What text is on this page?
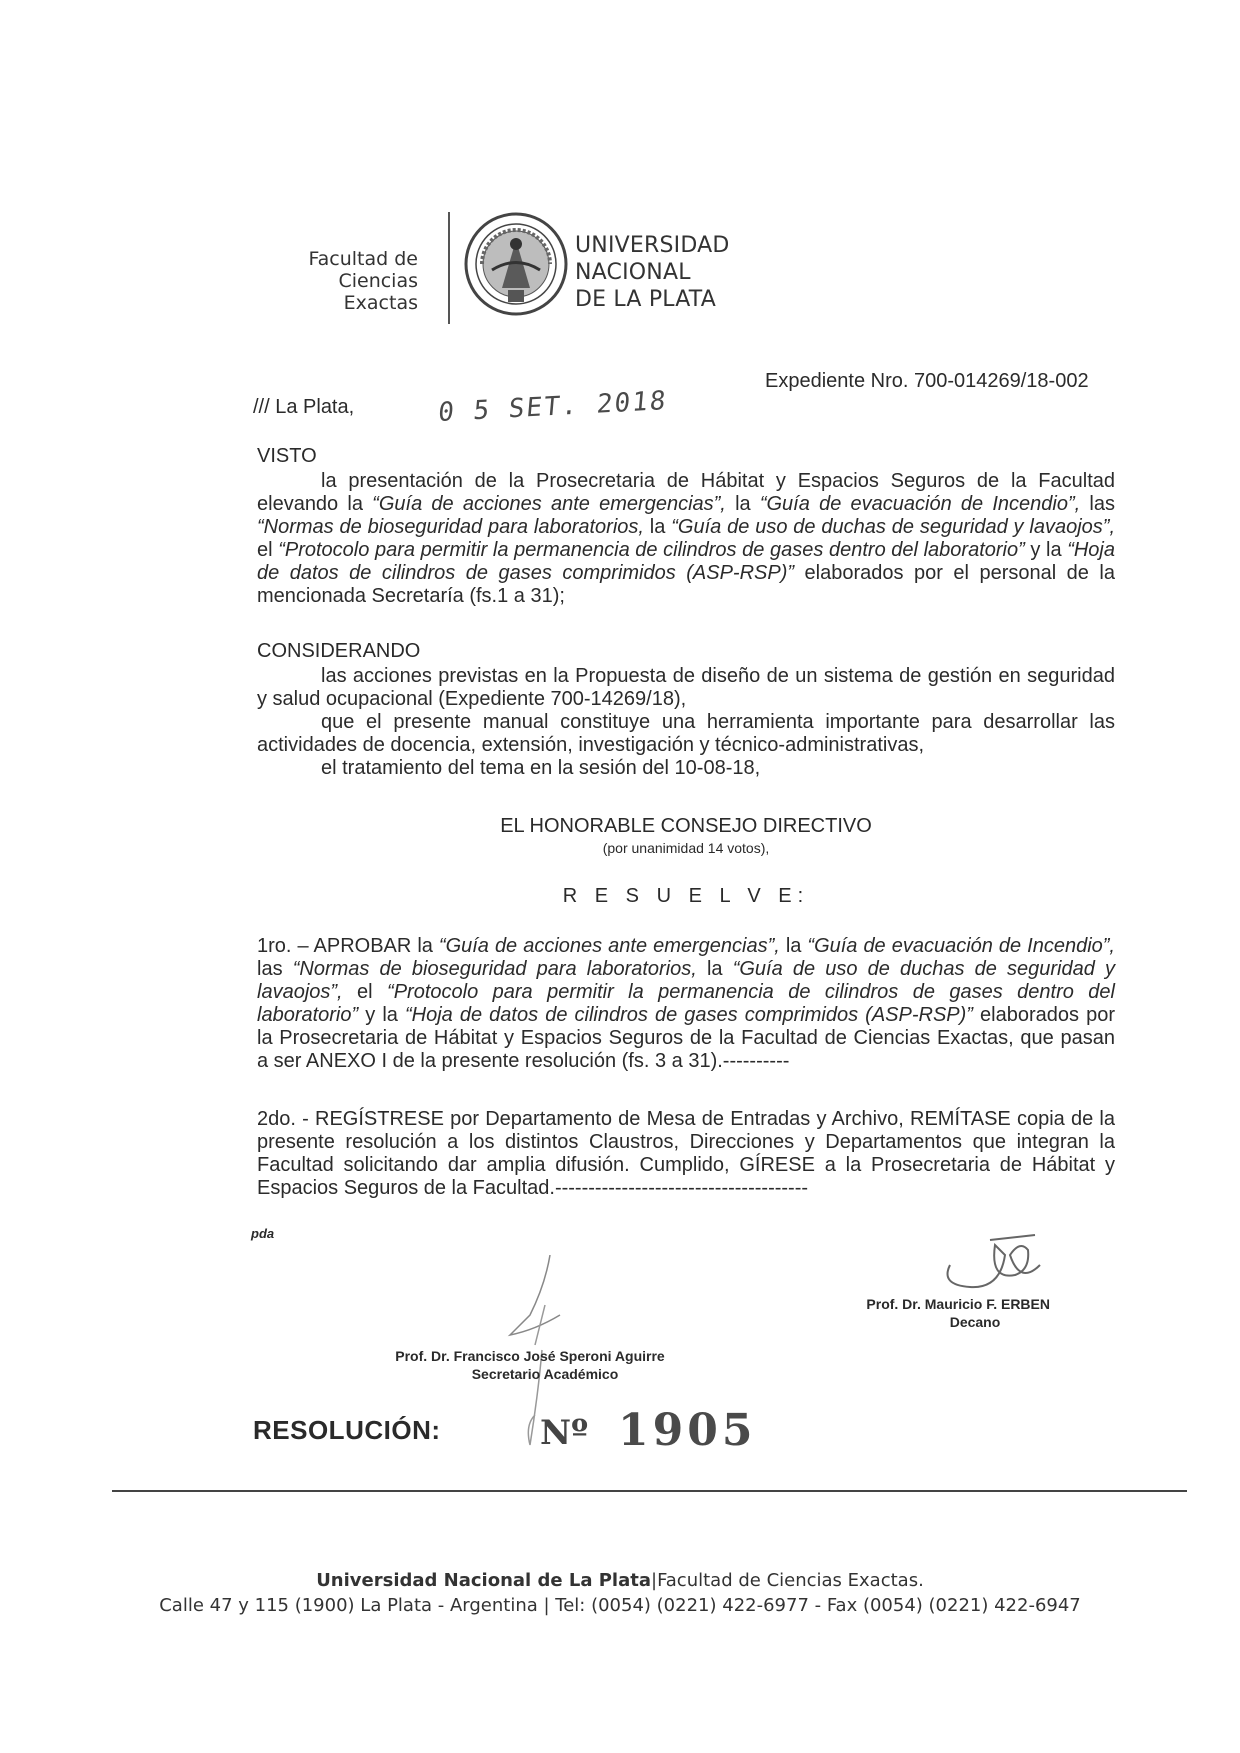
Facultad de
Ciencias Exactas
UNIVERSIDAD
NACIONAL
DE LA PLATA
Expediente Nro. 700-014269/18-002
/// La Plata,	0 5 SET. 2018
VISTO
la presentación de la Prosecretaria de Hábitat y Espacios Seguros de la Facultad elevando la “Guía de acciones ante emergencias”, la “Guía de evacuación de Incendio”, las “Normas de bioseguridad para laboratorios, la “Guía de uso de duchas de seguridad y lavaojos”, el “Protocolo para permitir la permanencia de cilindros de gases dentro del laboratorio” y la “Hoja de datos de cilindros de gases comprimidos (ASP-RSP)” elaborados por el personal de la mencionada Secretaría (fs.1 a 31);
CONSIDERANDO

las acciones previstas en la Propuesta de diseño de un sistema de gestión en seguridad y salud ocupacional (Expediente 700-14269/18),

que el presente manual constituye una herramienta importante para desarrollar las actividades de docencia, extensión, investigación y técnico-administrativas,

el tratamiento del tema en la sesión del 10-08-18,

EL HONORABLE CONSEJO DIRECTIVO
(por unanimidad 14 votos),
R E S U E L V E:
1ro. – APROBAR la “Guía de acciones ante emergencias”, la “Guía de evacuación de Incendio”, las “Normas de bioseguridad para laboratorios, la “Guía de uso de duchas de seguridad y lavaojos”, el “Protocolo para permitir la permanencia de cilindros de gases dentro del laboratorio” y la “Hoja de datos de cilindros de gases comprimidos (ASP-RSP)” elaborados por la Prosecretaria de Hábitat y Espacios Seguros de la Facultad de Ciencias Exactas, que pasan a ser ANEXO I de la presente resolución (fs. 3 a 31).----------
2do. - REGÍSTRESE por Departamento de Mesa de Entradas y Archivo, REMÍTASE copia de la presente resolución a los distintos Claustros, Direcciones y Departamentos que integran la Facultad solicitando dar amplia difusión. Cumplido, GÍRESE a la Prosecretaria de Hábitat y Espacios Seguros de la Facultad.--------------------------------------
pda
Prof. Dr. Mauricio F. ERBEN
Decano
Prof. Dr. Francisco José Speroni Aguirre
Secretario Académico
RESOLUCIÓN:	Nº 1905
Universidad Nacional de La Plata|Facultad de Ciencias Exactas.
Calle 47 y 115 (1900) La Plata - Argentina | Tel: (0054) (0221) 422-6977 - Fax (0054) (0221) 422-6947
